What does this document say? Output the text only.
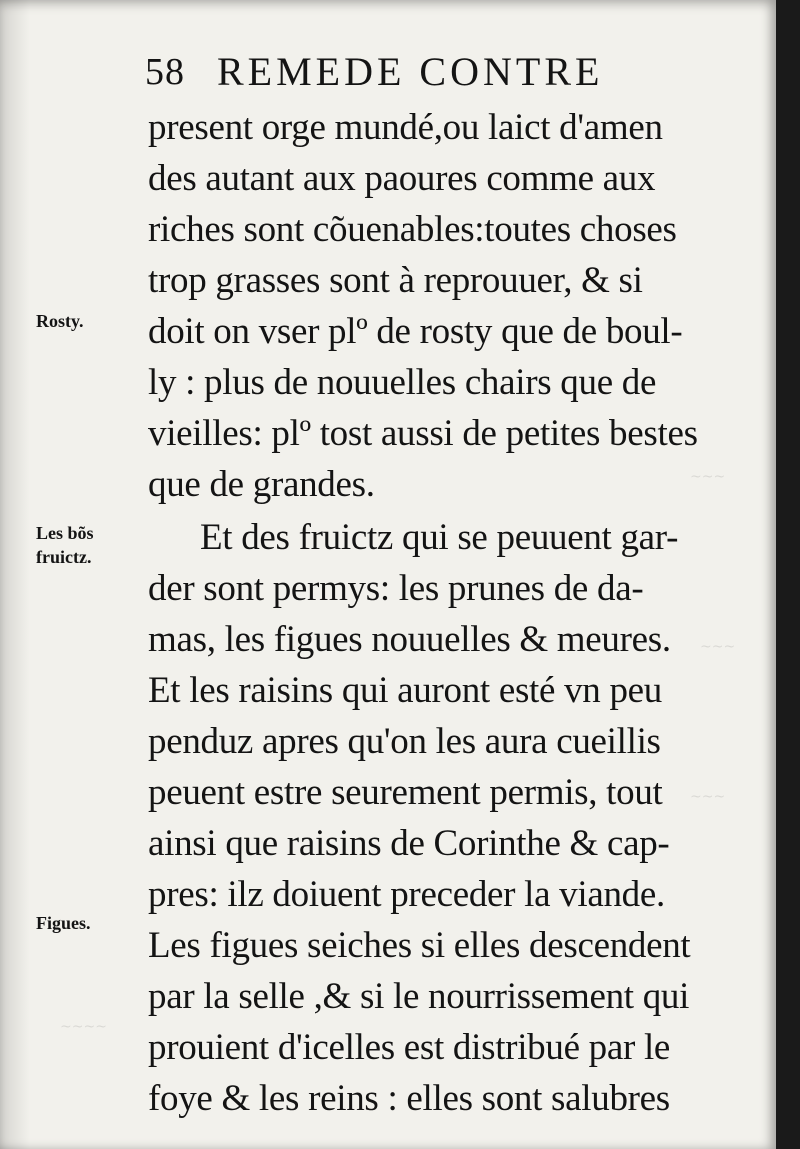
~~~
~~~
~~~
~~~~
58 REMEDE CONTRE
present orge mundé,ou laict d'amen
des autant aux paoures comme aux
riches sont cõuenables:toutes choses
trop grasses sont à reprouuer, & si
doit on vser plº de rosty que de boul-
ly : plus de nouuelles chairs que de
vieilles: plº tost aussi de petites bestes
que de grandes.
Et des fruictz qui se peuuent gar-
der sont permys: les prunes de da-
mas, les figues nouuelles & meures.
Et les raisins qui auront esté vn peu
penduz apres qu'on les aura cueillis
peuent estre seurement permis, tout
ainsi que raisins de Corinthe & cap-
pres: ilz doiuent preceder la viande.
Les figues seiches si elles descendent
par la selle ,& si le nourrissement qui
prouient d'icelles est distribué par le
foye & les reins : elles sont salubres
Rosty.
Les bõs
fruictz.
Figues.
